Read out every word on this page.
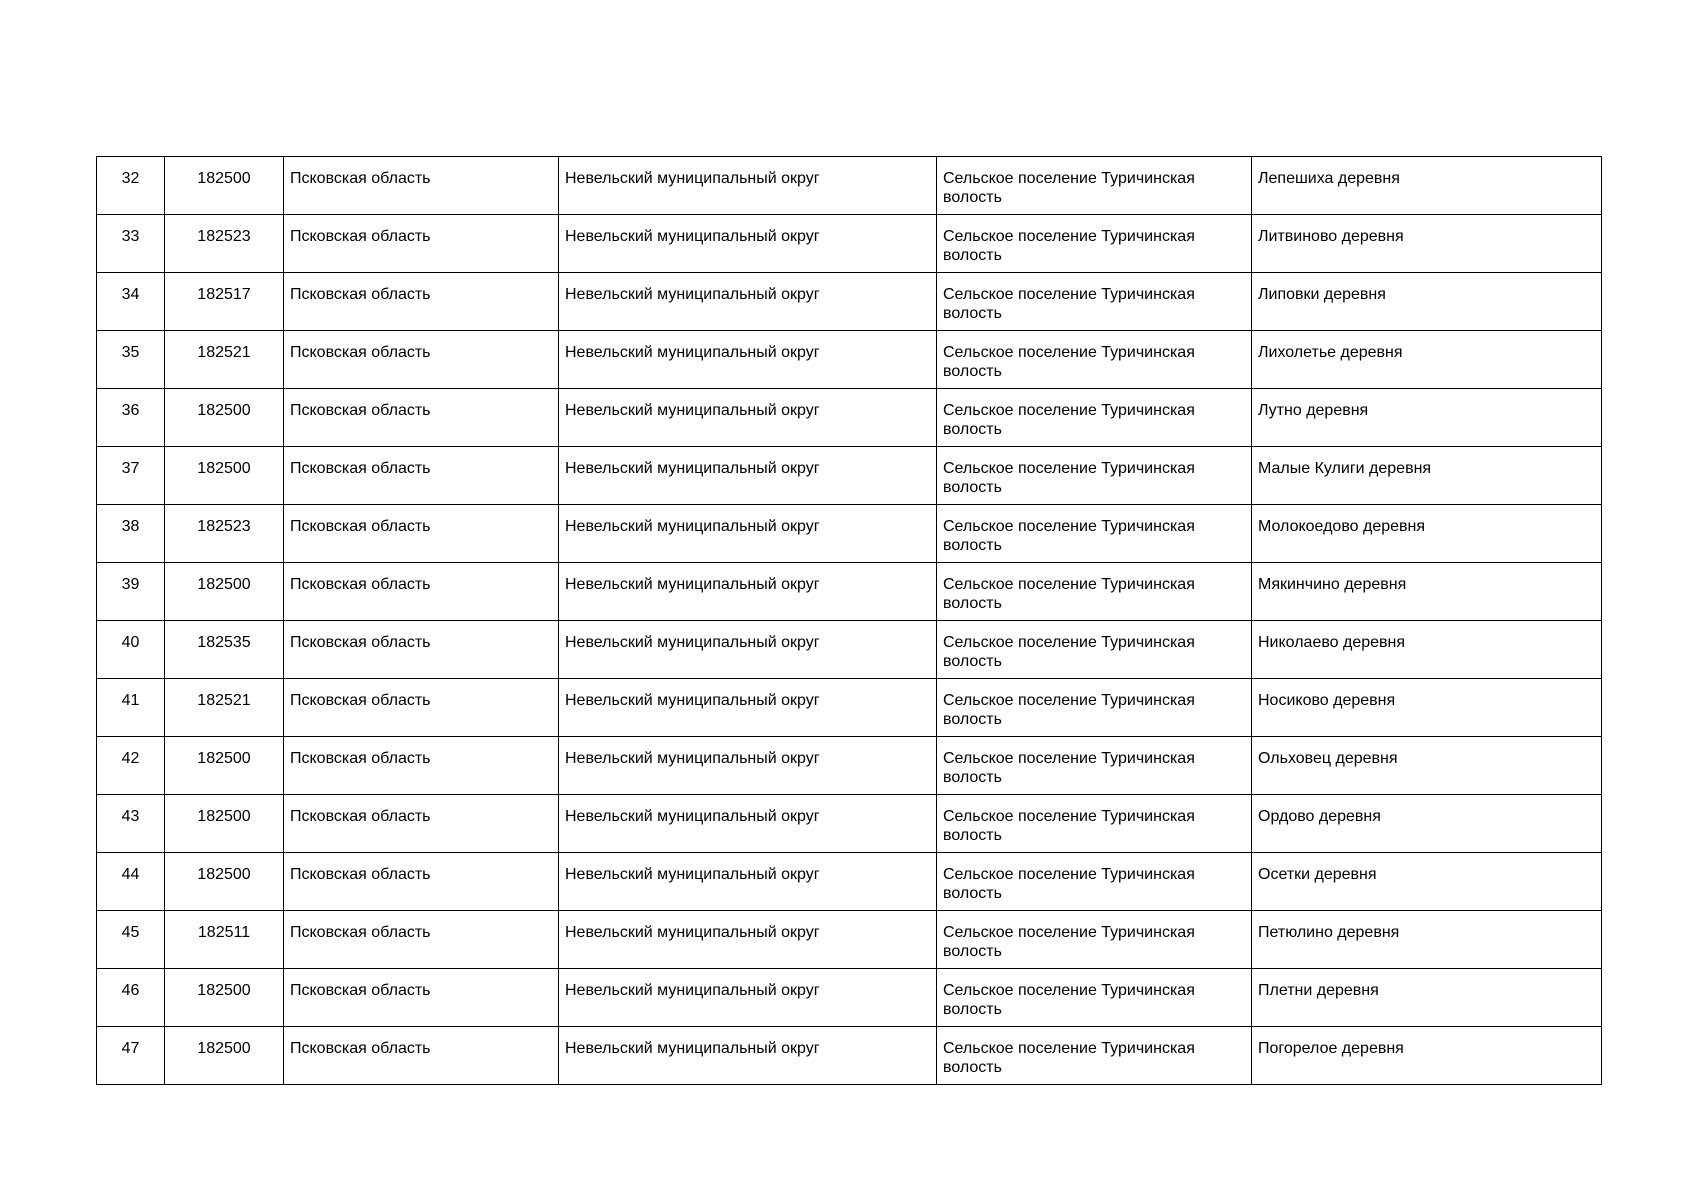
32	182500	Псковская область	Невельский муниципальный округ	Сельское поселение Туричинская волость	Лепешиха деревня
33	182523	Псковская область	Невельский муниципальный округ	Сельское поселение Туричинская волость	Литвиново деревня
34	182517	Псковская область	Невельский муниципальный округ	Сельское поселение Туричинская волость	Липовки деревня
35	182521	Псковская область	Невельский муниципальный округ	Сельское поселение Туричинская волость	Лихолетье деревня
36	182500	Псковская область	Невельский муниципальный округ	Сельское поселение Туричинская волость	Лутно деревня
37	182500	Псковская область	Невельский муниципальный округ	Сельское поселение Туричинская волость	Малые Кулиги деревня
38	182523	Псковская область	Невельский муниципальный округ	Сельское поселение Туричинская волость	Молокоедово деревня
39	182500	Псковская область	Невельский муниципальный округ	Сельское поселение Туричинская волость	Мякинчино деревня
40	182535	Псковская область	Невельский муниципальный округ	Сельское поселение Туричинская волость	Николаево деревня
41	182521	Псковская область	Невельский муниципальный округ	Сельское поселение Туричинская волость	Носиково деревня
42	182500	Псковская область	Невельский муниципальный округ	Сельское поселение Туричинская волость	Ольховец деревня
43	182500	Псковская область	Невельский муниципальный округ	Сельское поселение Туричинская волость	Ордово деревня
44	182500	Псковская область	Невельский муниципальный округ	Сельское поселение Туричинская волость	Осетки деревня
45	182511	Псковская область	Невельский муниципальный округ	Сельское поселение Туричинская волость	Петюлино деревня
46	182500	Псковская область	Невельский муниципальный округ	Сельское поселение Туричинская волость	Плетни деревня
47	182500	Псковская область	Невельский муниципальный округ	Сельское поселение Туричинская волость	Погорелое деревня
